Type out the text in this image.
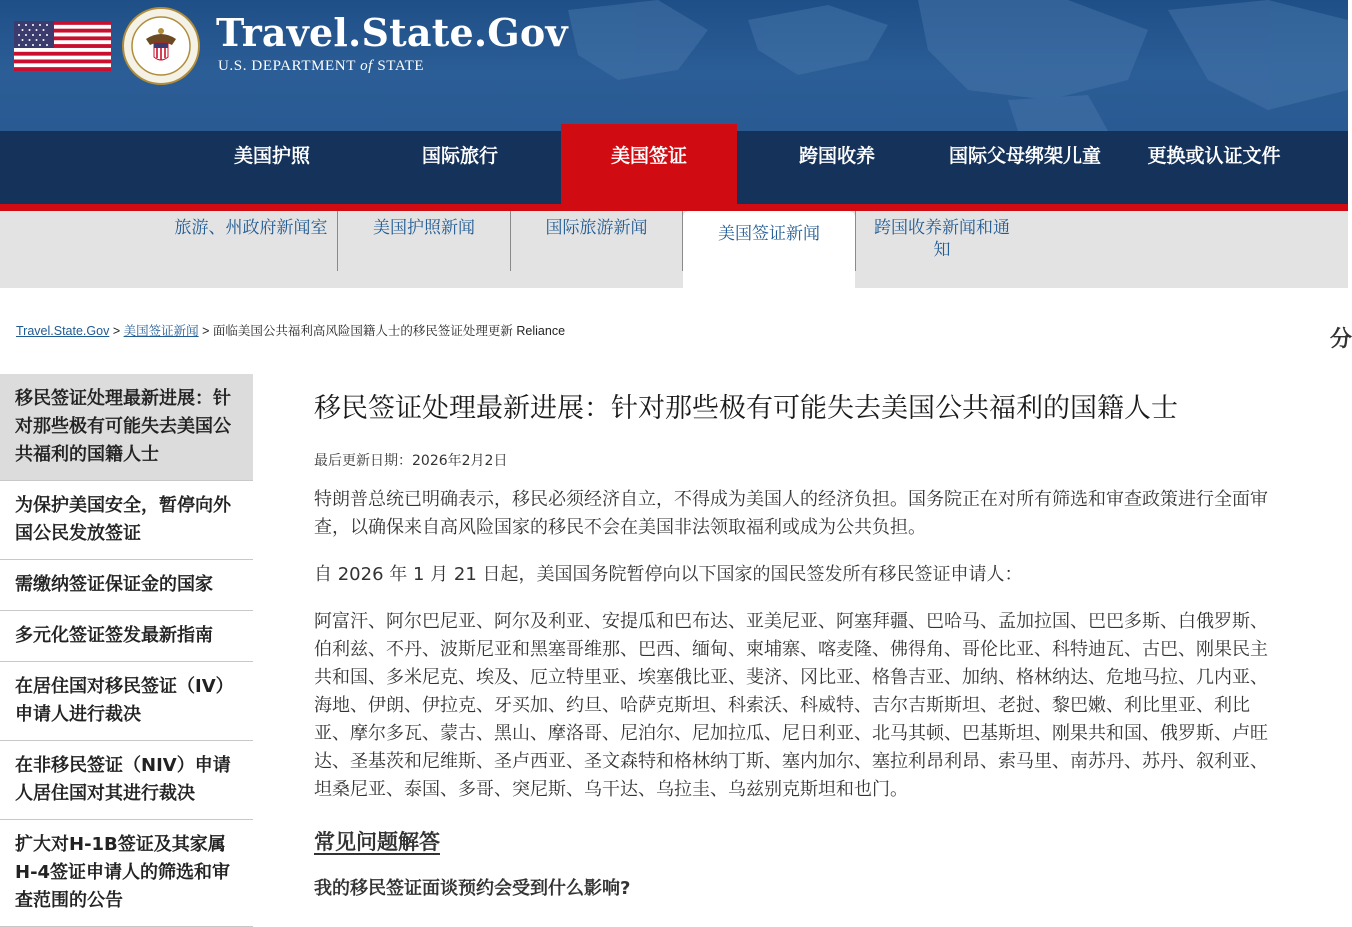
Travel.State.Gov
U.S. DEPARTMENT of STATE
美国护照	国际旅行	美国签证	跨国收养	国际父母绑架儿童 更换或认证文件
旅游、州政府新闻室	美国护照新闻	国际旅游新闻	美国签证新闻	跨国收养新闻和通知
Travel.State.Gov > 美国签证新闻 > 面临美国公共福利高风险国籍人士的移民签证处理更新 Reliance	分
移民签证处理最新进展：针对那些极有可能失去美国公共福利的国籍人士
为保护美国安全，暂停向外国公民发放签证
需缴纳签证保证金的国家
多元化签证签发最新指南
在居住国对移民签证（IV）申请人进行裁决
在非移民签证（NIV）申请人居住国对其进行裁决
扩大对H-1B签证及其家属H-4签证申请人的筛选和审查范围的公告
移民签证处理最新进展：针对那些极有可能失去美国公共福利的国籍人士
最后更新日期：2026年2月2日

特朗普总统已明确表示，移民必须经济自立，不得成为美国人的经济负担。国务院正在对所有筛选和审查政策进行全面审查，以确保来自高风险国家的移民不会在美国非法领取福利或成为公共负担。

自 2026 年 1 月 21 日起，美国国务院暂停向以下国家的国民签发所有移民签证申请人：

阿富汗、阿尔巴尼亚、阿尔及利亚、安提瓜和巴布达、亚美尼亚、阿塞拜疆、巴哈马、孟加拉国、巴巴多斯、白俄罗斯、伯利兹、不丹、波斯尼亚和黑塞哥维那、巴西、缅甸、柬埔寨、喀麦隆、佛得角、哥伦比亚、科特迪瓦、古巴、刚果民主共和国、多米尼克、埃及、厄立特里亚、埃塞俄比亚、斐济、冈比亚、格鲁吉亚、加纳、格林纳达、危地马拉、几内亚、海地、伊朗、伊拉克、牙买加、约旦、哈萨克斯坦、科索沃、科威特、吉尔吉斯斯坦、老挝、黎巴嫩、利比里亚、利比亚、摩尔多瓦、蒙古、黑山、摩洛哥、尼泊尔、尼加拉瓜、尼日利亚、北马其顿、巴基斯坦、刚果共和国、俄罗斯、卢旺达、圣基茨和尼维斯、圣卢西亚、圣文森特和格林纳丁斯、塞内加尔、塞拉利昂利昂、索马里、南苏丹、苏丹、叙利亚、坦桑尼亚、泰国、多哥、突尼斯、乌干达、乌拉圭、乌兹别克斯坦和也门。

常见问题解答
我的移民签证面谈预约会受到什么影响?
